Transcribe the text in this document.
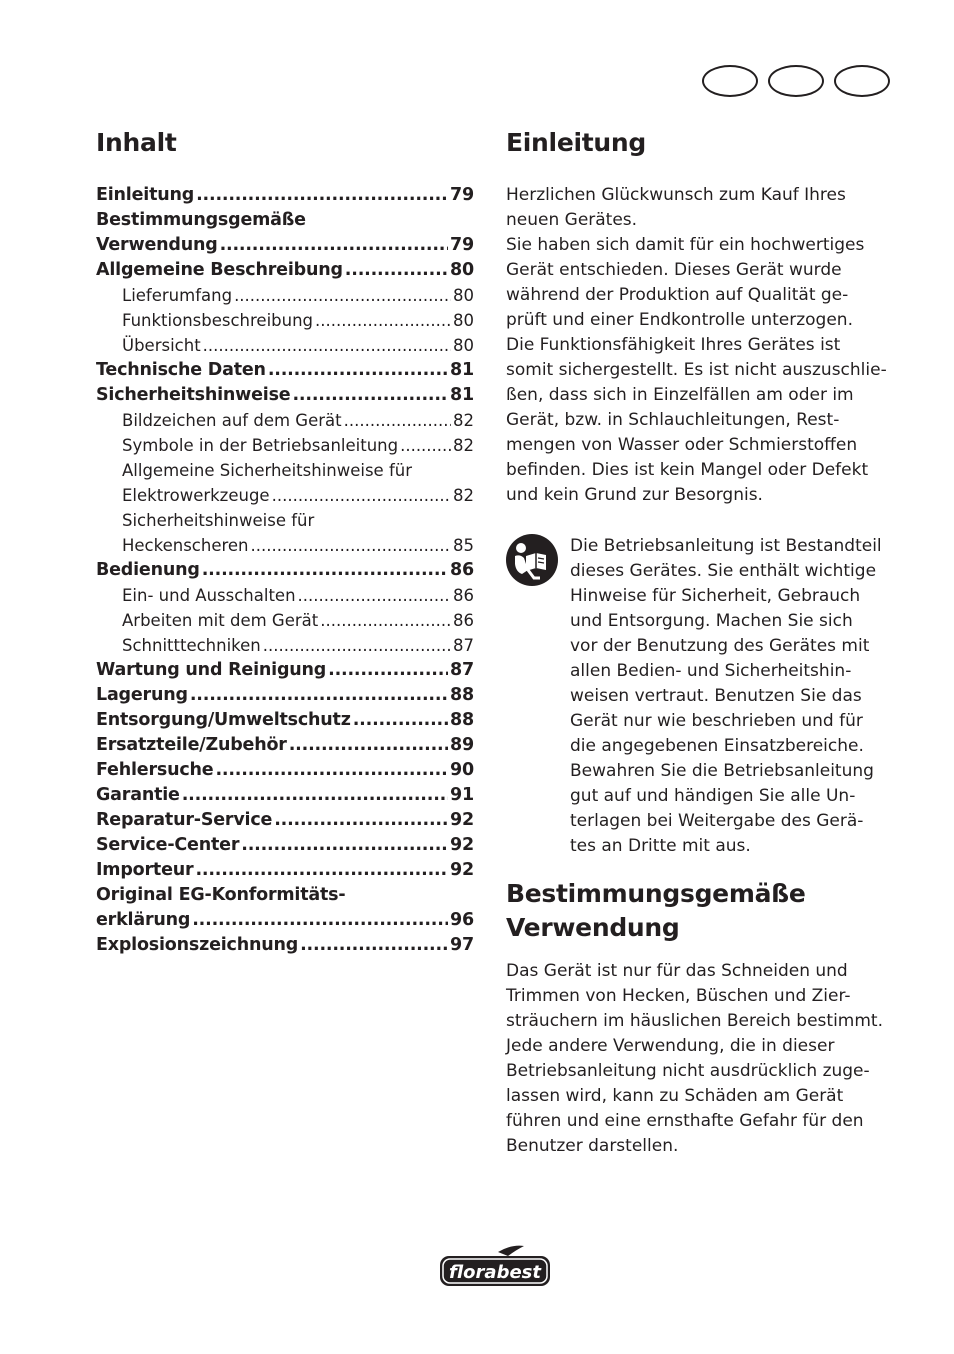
Inhalt
Einleitung .....	79
Bestimmungsgemäße
Verwendung .....	79
Allgemeine Beschreibung .....	80
Lieferumfang .....	80
Funktionsbeschreibung .....	80
Übersicht .....	80
Technische Daten .....	81
Sicherheitshinweise .....	81
Bildzeichen auf dem Gerät .....	82
Symbole in der Betriebsanleitung .....	82
Allgemeine Sicherheitshinweise für
Elektrowerkzeuge .....	82
Sicherheitshinweise für
Heckenscheren .....	85
Bedienung .....	86
Ein- und Ausschalten .....	86
Arbeiten mit dem Gerät .....	86
Schnitttechniken .....	87
Wartung und Reinigung .....	87
Lagerung .....	88
Entsorgung/Umweltschutz .....	88
Ersatzteile/Zubehör .....	89
Fehlersuche .....	90
Garantie .....	91
Reparatur-Service .....	92
Service-Center .....	92
Importeur .....	92
Original EG-Konformitäts-
erklärung .....	96
Explosionszeichnung .....	97
Einleitung
Herzlichen Glückwunsch zum Kauf Ihres
neuen Gerätes.
Sie haben sich damit für ein hochwertiges
Gerät entschieden. Dieses Gerät wurde
während der Produktion auf Qualität ge-
prüft und einer Endkontrolle unterzogen.
Die Funktionsfähigkeit Ihres Gerätes ist
somit sichergestellt. Es ist nicht auszuschlie-
ßen, dass sich in Einzelfällen am oder im
Gerät, bzw. in Schlauchleitungen, Rest-
mengen von Wasser oder Schmierstoffen
befinden. Dies ist kein Mangel oder Defekt
und kein Grund zur Besorgnis.
Die Betriebsanleitung ist Bestandteil
dieses Gerätes. Sie enthält wichtige
Hinweise für Sicherheit, Gebrauch
und Entsorgung. Machen Sie sich
vor der Benutzung des Gerätes mit
allen Bedien- und Sicherheitshin-
weisen vertraut. Benutzen Sie das
Gerät nur wie beschrieben und für
die angegebenen Einsatzbereiche.
Bewahren Sie die Betriebsanleitung
gut auf und händigen Sie alle Un-
terlagen bei Weitergabe des Gerä-
tes an Dritte mit aus.
Bestimmungsgemäße
Verwendung
Das Gerät ist nur für das Schneiden und
Trimmen von Hecken, Büschen und Zier-
sträuchern im häuslichen Bereich bestimmt.
Jede andere Verwendung, die in dieser
Betriebsanleitung nicht ausdrücklich zuge-
lassen wird, kann zu Schäden am Gerät
führen und eine ernsthafte Gefahr für den
Benutzer darstellen.
florabest
